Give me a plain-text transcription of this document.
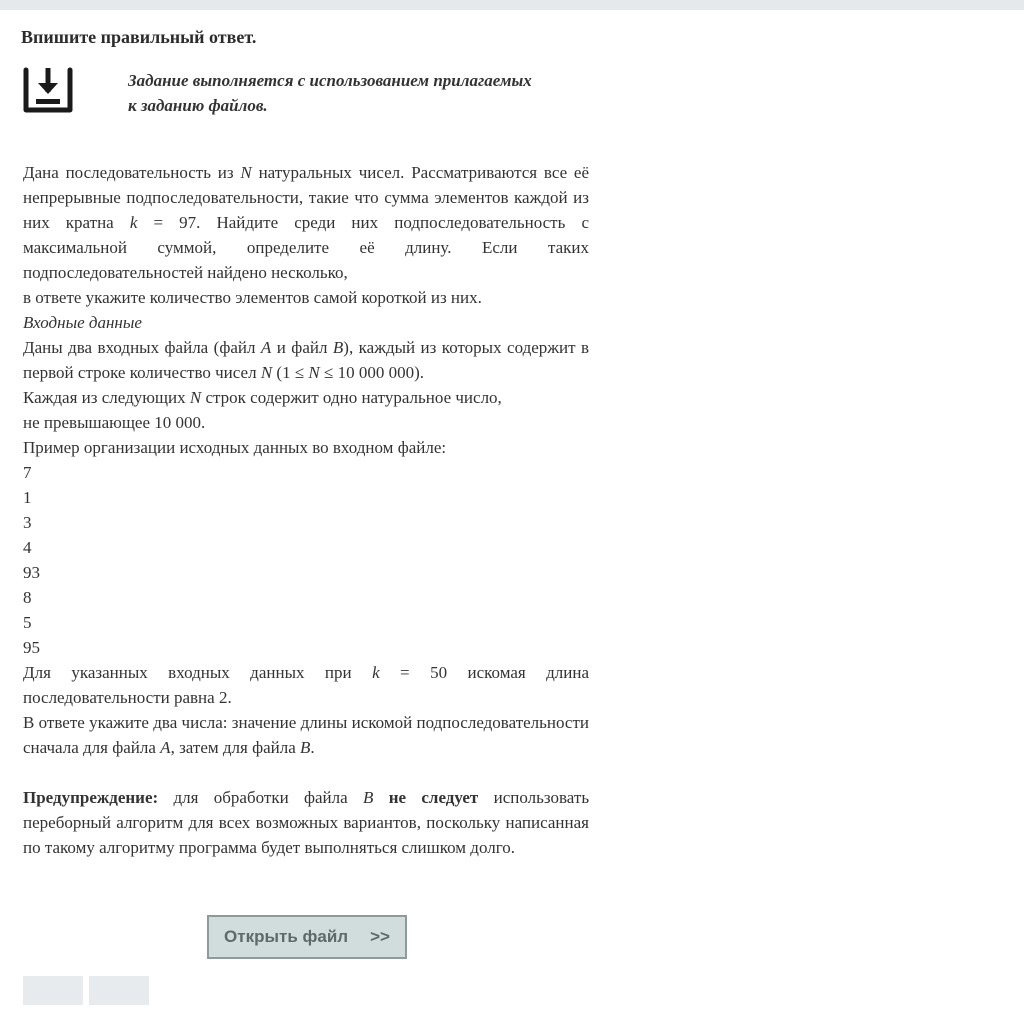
Впишите правильный ответ.
Задание выполняется с использованием прилагаемых
к заданию файлов.

Дана последовательность из N натуральных чисел. Рассматриваются все её непрерывные подпоследовательности, такие что сумма элементов каждой из них кратна k = 97. Найдите среди них подпоследовательность с максимальной суммой, определите её длину. Если таких подпоследовательностей найдено несколько,

в ответе укажите количество элементов самой короткой из них.

Входные данные

Даны два входных файла (файл A и файл B), каждый из которых содержит в первой строке количество чисел N (1 ≤ N ≤ 10 000 000).

Каждая из следующих N строк содержит одно натуральное число,

не превышающее 10 000.

Пример организации исходных данных во входном файле:

7
1
3
4
93
8
5
95

Для указанных входных данных при k = 50 искомая длина

последовательности равна 2.

В ответе укажите два числа: значение длины искомой подпоследовательности сначала для файла A, затем для файла B.

Предупреждение: для обработки файла B не следует использовать переборный алгоритм для всех возможных вариантов, поскольку написанная по такому алгоритму программа будет выполняться слишком долго.

Открыть файл >>
